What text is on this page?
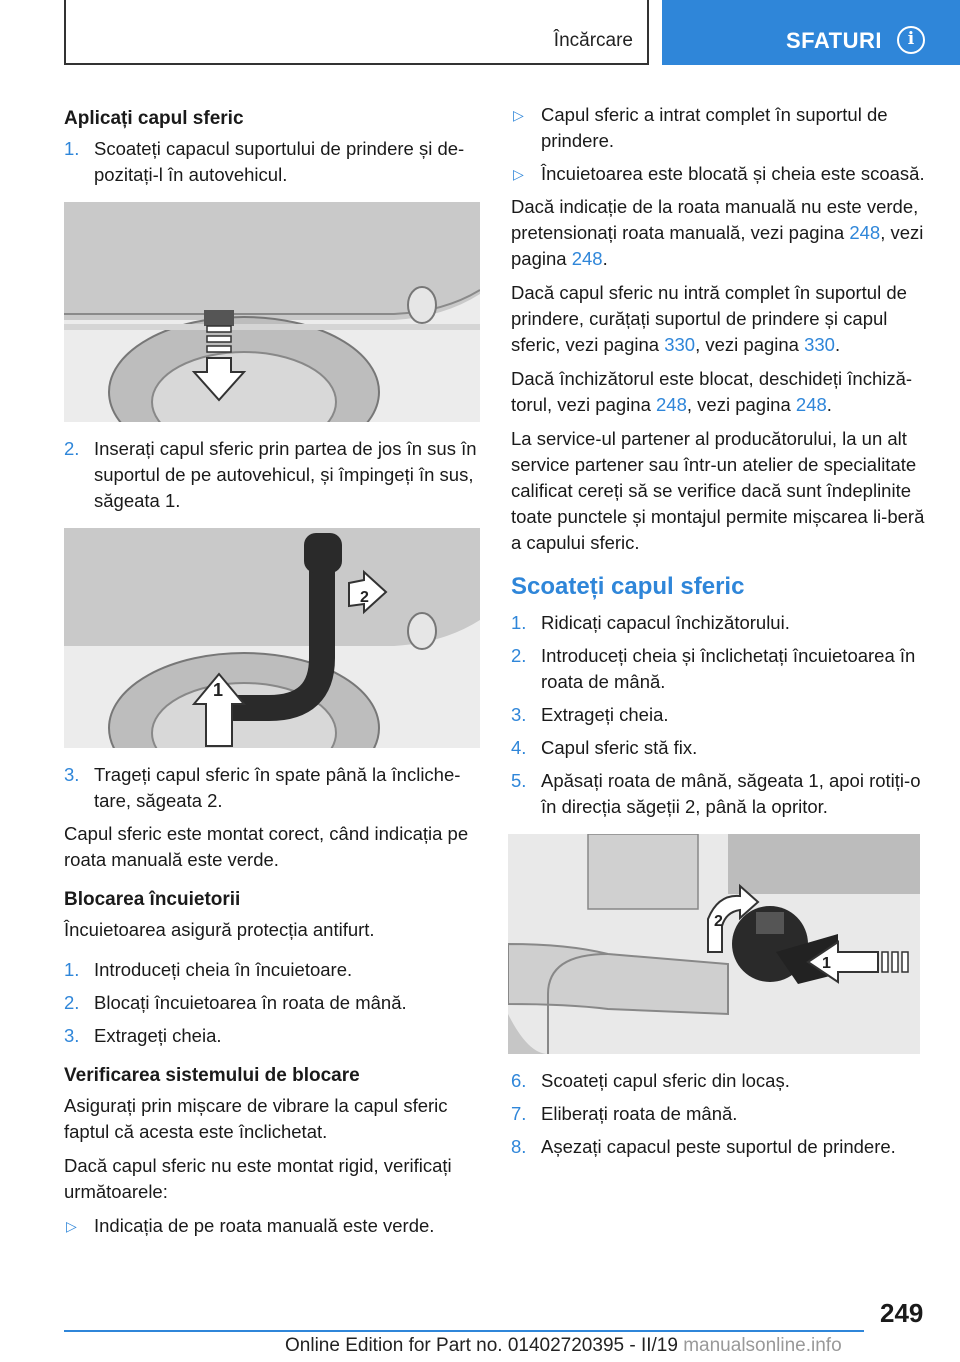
Încărcare	SFATURI	i
Aplicați capul sferic
1. Scoateți capacul suportului de prindere și de-pozitați-l în autovehicul.
2. Inserați capul sferic prin partea de jos în sus în suportul de pe autovehicul, și împingeți în sus, săgeata 1.
2
1
3. Trageți capul sferic în spate până la încliche-tare, săgeata 2.
Capul sferic este montat corect, când indicația pe roata manuală este verde.
Blocarea încuietorii
Încuietoarea asigură protecția antifurt.
1. Introduceți cheia în încuietoare.
2. Blocați încuietoarea în roata de mână.
3. Extrageți cheia.
Verificarea sistemului de blocare
Asigurați prin mișcare de vibrare la capul sferic faptul că acesta este înclichetat.
Dacă capul sferic nu este montat rigid, verificați următoarele:
▷ Indicația de pe roata manuală este verde.
▷ Capul sferic a intrat complet în suportul de prindere.
▷ Încuietoarea este blocată și cheia este scoasă.
Dacă indicație de la roata manuală nu este verde, pretensionați roata manuală, vezi pagina 248, vezi pagina 248.
Dacă capul sferic nu intră complet în suportul de prindere, curățați suportul de prindere și capul sferic, vezi pagina 330, vezi pagina 330.
Dacă închizătorul este blocat, deschideți închiză-torul, vezi pagina 248, vezi pagina 248.
La service-ul partener al producătorului, la un alt service partener sau într-un atelier de specialitate calificat cereți să se verifice dacă sunt îndeplinite toate punctele și montajul permite mișcarea li-beră a capului sferic.
Scoateți capul sferic
1. Ridicați capacul închizătorului.
2. Introduceți cheia și înclichetați încuietoarea în roata de mână.
3. Extrageți cheia.
4. Capul sferic stă fix.
5. Apăsați roata de mână, săgeata 1, apoi rotiți-o în direcția săgeții 2, până la opritor.
2
1
6. Scoateți capul sferic din locaș.
7. Eliberați roata de mână.
8. Așezați capacul peste suportul de prindere.
249
Online Edition for Part no. 01402720395 - II/19 manualsonline.info
